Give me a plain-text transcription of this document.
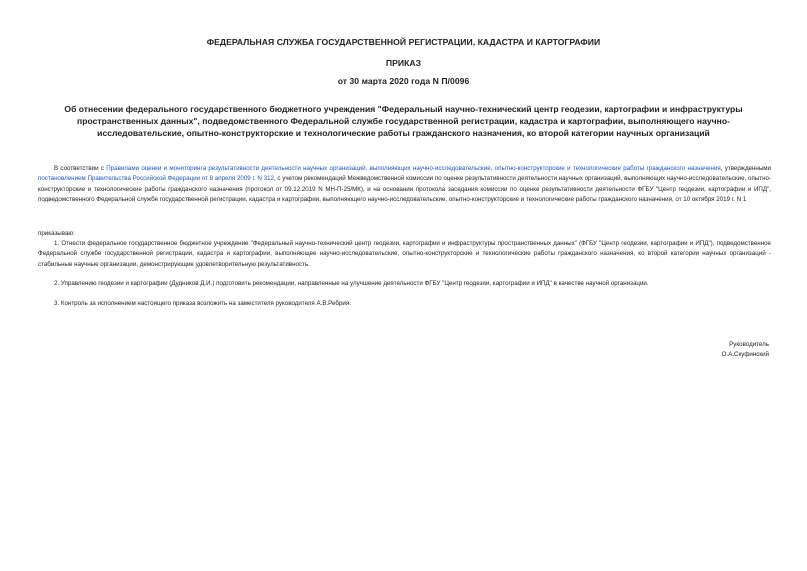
ФЕДЕРАЛЬНАЯ СЛУЖБА ГОСУДАРСТВЕННОЙ РЕГИСТРАЦИИ, КАДАСТРА И КАРТОГРАФИИ

ПРИКАЗ

от 30 марта 2020 года N П/0096

Об отнесении федерального государственного бюджетного учреждения "Федеральный научно-технический центр геодезии, картографии и инфраструктуры пространственных данных", подведомственного Федеральной службе государственной регистрации, кадастра и картографии, выполняющего научно-исследовательские, опытно-конструкторские и технологические работы гражданского назначения, ко второй категории научных организаций

В соответствии с Правилами оценки и мониторинга результативности деятельности научных организаций, выполняющих научно-исследовательские, опытно-конструкторские и технологические работы гражданского назначения, утвержденными постановлением Правительства Российской Федерации от 8 апреля 2009 г. N 312, с учетом рекомендаций Межведомственной комиссии по оценке результативности деятельности научных организаций, выполняющих научно-исследовательские, опытно-конструкторские и технологические работы гражданского назначения (протокол от 09.12.2019 N МН-П-25/МК), и на основании протокола заседания комиссии по оценке результативности деятельности ФГБУ "Центр геодезии, картографии и ИПД", подведомственного Федеральной службе государственной регистрации, кадастра и картографии, выполняющего научно-исследовательские, опытно-конструкторские и технологические работы гражданского назначения, от 10 октября 2019 г. N 1

приказываю:

1. Отнести федеральное государственное бюджетное учреждение "Федеральный научно-технический центр геодезии, картографии и инфраструктуры пространственных данных" (ФГБУ "Центр геодезии, картографии и ИПД"), подведомственное Федеральной службе государственной регистрации, кадастра и картографии, выполняющее научно-исследовательские, опытно-конструкторские и технологические работы гражданского назначения, ко второй категории научных организаций - стабильные научные организации, демонстрирующие удовлетворительную результативность.

2. Управлению геодезии и картографии (Дудников Д.И.) подготовить рекомендации, направленные на улучшение деятельности ФГБУ "Центр геодезии, картографии и ИПД" в качестве научной организации.

3. Контроль за исполнением настоящего приказа возложить на заместителя руководителя А.В.Ребрия.

Руководитель
О.А.Скуфинский
